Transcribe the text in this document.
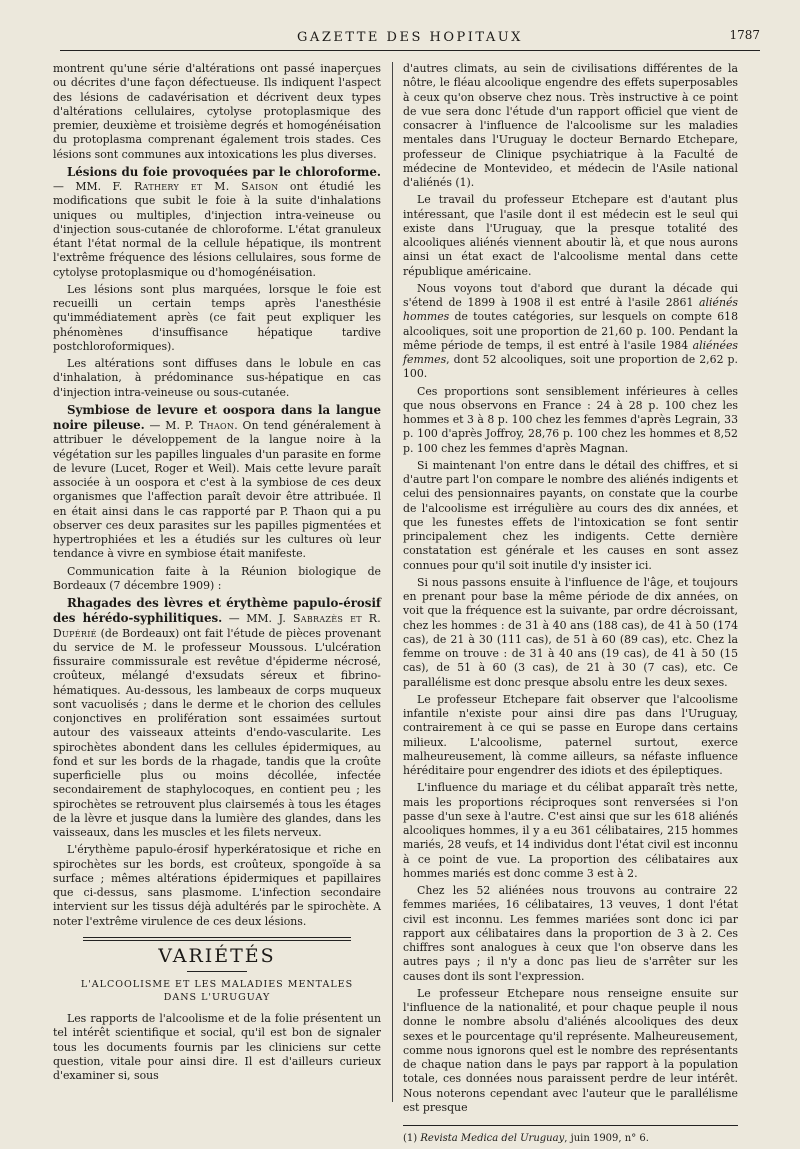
GAZETTE DES HOPITAUX	1787

montrent qu'une série d'altérations ont passé inaperçues ou décrites d'une façon défectueuse. Ils indiquent l'aspect des lésions de cadavérisation et décrivent deux types d'altérations cellulaires, cytolyse protoplasmique des premier, deuxième et troisième degrés et homogénéisation du protoplasma comprenant également trois stades. Ces lésions sont communes aux intoxications les plus diverses.

Lésions du foie provoquées par le chloroforme. — MM. F. Rathery et M. Saison ont étudié les modifications que subit le foie à la suite d'inhalations uniques ou multiples, d'injection intra-veineuse ou d'injection sous-cutanée de chloroforme. L'état granuleux étant l'état normal de la cellule hépatique, ils montrent l'extrême fréquence des lésions cellulaires, sous forme de cytolyse protoplasmique ou d'homogénéisation.

Les lésions sont plus marquées, lorsque le foie est recueilli un certain temps après l'anesthésie qu'immédiatement après (ce fait peut expliquer les phénomènes d'insuffisance hépatique tardive postchloroformiques).

Les altérations sont diffuses dans le lobule en cas d'inhalation, à prédominance sus-hépatique en cas d'injection intra-veineuse ou sous-cutanée.

Symbiose de levure et oospora dans la langue noire pileuse. — M. P. Thaon. On tend généralement à attribuer le développement de la langue noire à la végétation sur les papilles linguales d'un parasite en forme de levure (Lucet, Roger et Weil). Mais cette levure paraît associée à un oospora et c'est à la symbiose de ces deux organismes que l'affection paraît devoir être attribuée. Il en était ainsi dans le cas rapporté par P. Thaon qui a pu observer ces deux parasites sur les papilles pigmentées et hypertrophiées et les a étudiés sur les cultures où leur tendance à vivre en symbiose était manifeste.

Communication faite à la Réunion biologique de Bordeaux (7 décembre 1909) :

Rhagades des lèvres et érythème papulo-érosif des hérédo-syphilitiques. — MM. J. Sabrazès et R. Dupérié (de Bordeaux) ont fait l'étude de pièces provenant du service de M. le professeur Moussous. L'ulcération fissuraire commissurale est revêtue d'épiderme nécrosé, croûteux, mélangé d'exsudats séreux et fibrino-hématiques. Au-dessous, les lambeaux de corps muqueux sont vacuolisés ; dans le derme et le chorion des cellules conjonctives en prolifération sont essaimées surtout autour des vaisseaux atteints d'endo-vascularite. Les spirochètes abondent dans les cellules épidermiques, au fond et sur les bords de la rhagade, tandis que la croûte superficielle plus ou moins décollée, infectée secondairement de staphylocoques, en contient peu ; les spirochètes se retrouvent plus clairsemés à tous les étages de la lèvre et jusque dans la lumière des glandes, dans les vaisseaux, dans les muscles et les filets nerveux.

L'érythème papulo-érosif hyperkératosique et riche en spirochètes sur les bords, est croûteux, spongoïde à sa surface ; mêmes altérations épidermiques et papillaires que ci-dessus, sans plasmome. L'infection secondaire intervient sur les tissus déjà adultérés par le spirochète. A noter l'extrême virulence de ces deux lésions.

VARIÉTÉS
L'ALCOOLISME ET LES MALADIES MENTALES
DANS L'URUGUAY

Les rapports de l'alcoolisme et de la folie présentent un tel intérêt scientifique et social, qu'il est bon de signaler tous les documents fournis par les cliniciens sur cette question, vitale pour ainsi dire. Il est d'ailleurs curieux d'examiner si, sous

d'autres climats, au sein de civilisations différentes de la nôtre, le fléau alcoolique engendre des effets superposables à ceux qu'on observe chez nous. Très instructive à ce point de vue sera donc l'étude d'un rapport officiel que vient de consacrer à l'influence de l'alcoolisme sur les maladies mentales dans l'Uruguay le docteur Bernardo Etchepare, professeur de Clinique psychiatrique à la Faculté de médecine de Montevideo, et médecin de l'Asile national d'aliénés (1).

Le travail du professeur Etchepare est d'autant plus intéressant, que l'asile dont il est médecin est le seul qui existe dans l'Uruguay, que la presque totalité des alcooliques aliénés viennent aboutir là, et que nous aurons ainsi un état exact de l'alcoolisme mental dans cette république américaine.

Nous voyons tout d'abord que durant la décade qui s'étend de 1899 à 1908 il est entré à l'asile 2861 aliénés hommes de toutes catégories, sur lesquels on compte 618 alcooliques, soit une proportion de 21,60 p. 100. Pendant la même période de temps, il est entré à l'asile 1984 aliénées femmes, dont 52 alcooliques, soit une proportion de 2,62 p. 100.

Ces proportions sont sensiblement inférieures à celles que nous observons en France : 24 à 28 p. 100 chez les hommes et 3 à 8 p. 100 chez les femmes d'après Legrain, 33 p. 100 d'après Joffroy, 28,76 p. 100 chez les hommes et 8,52 p. 100 chez les femmes d'après Magnan.

Si maintenant l'on entre dans le détail des chiffres, et si d'autre part l'on compare le nombre des aliénés indigents et celui des pensionnaires payants, on constate que la courbe de l'alcoolisme est irrégulière au cours des dix années, et que les funestes effets de l'intoxication se font sentir principalement chez les indigents. Cette dernière constatation est générale et les causes en sont assez connues pour qu'il soit inutile d'y insister ici.

Si nous passons ensuite à l'influence de l'âge, et toujours en prenant pour base la même période de dix années, on voit que la fréquence est la suivante, par ordre décroissant, chez les hommes : de 31 à 40 ans (188 cas), de 41 à 50 (174 cas), de 21 à 30 (111 cas), de 51 à 60 (89 cas), etc. Chez la femme on trouve : de 31 à 40 ans (19 cas), de 41 à 50 (15 cas), de 51 à 60 (3 cas), de 21 à 30 (7 cas), etc. Ce parallélisme est donc presque absolu entre les deux sexes.

Le professeur Etchepare fait observer que l'alcoolisme infantile n'existe pour ainsi dire pas dans l'Uruguay, contrairement à ce qui se passe en Europe dans certains milieux. L'alcoolisme, paternel surtout, exerce malheureusement, là comme ailleurs, sa néfaste influence héréditaire pour engendrer des idiots et des épileptiques.

L'influence du mariage et du célibat apparaît très nette, mais les proportions réciproques sont renversées si l'on passe d'un sexe à l'autre. C'est ainsi que sur les 618 aliénés alcooliques hommes, il y a eu 361 célibataires, 215 hommes mariés, 28 veufs, et 14 individus dont l'état civil est inconnu à ce point de vue. La proportion des célibataires aux hommes mariés est donc comme 3 est à 2.

Chez les 52 aliénées nous trouvons au contraire 22 femmes mariées, 16 célibataires, 13 veuves, 1 dont l'état civil est inconnu. Les femmes mariées sont donc ici par rapport aux célibataires dans la proportion de 3 à 2. Ces chiffres sont analogues à ceux que l'on observe dans les autres pays ; il n'y a donc pas lieu de s'arrêter sur les causes dont ils sont l'expression.

Le professeur Etchepare nous renseigne ensuite sur l'influence de la nationalité, et pour chaque peuple il nous donne le nombre absolu d'aliénés alcooliques des deux sexes et le pourcentage qu'il représente. Malheureusement, comme nous ignorons quel est le nombre des représentants de chaque nation dans le pays par rapport à la population totale, ces données nous paraissent perdre de leur intérêt. Nous noterons cependant avec l'auteur que le parallélisme est presque

(1) Revista Medica del Uruguay, juin 1909, n° 6.
